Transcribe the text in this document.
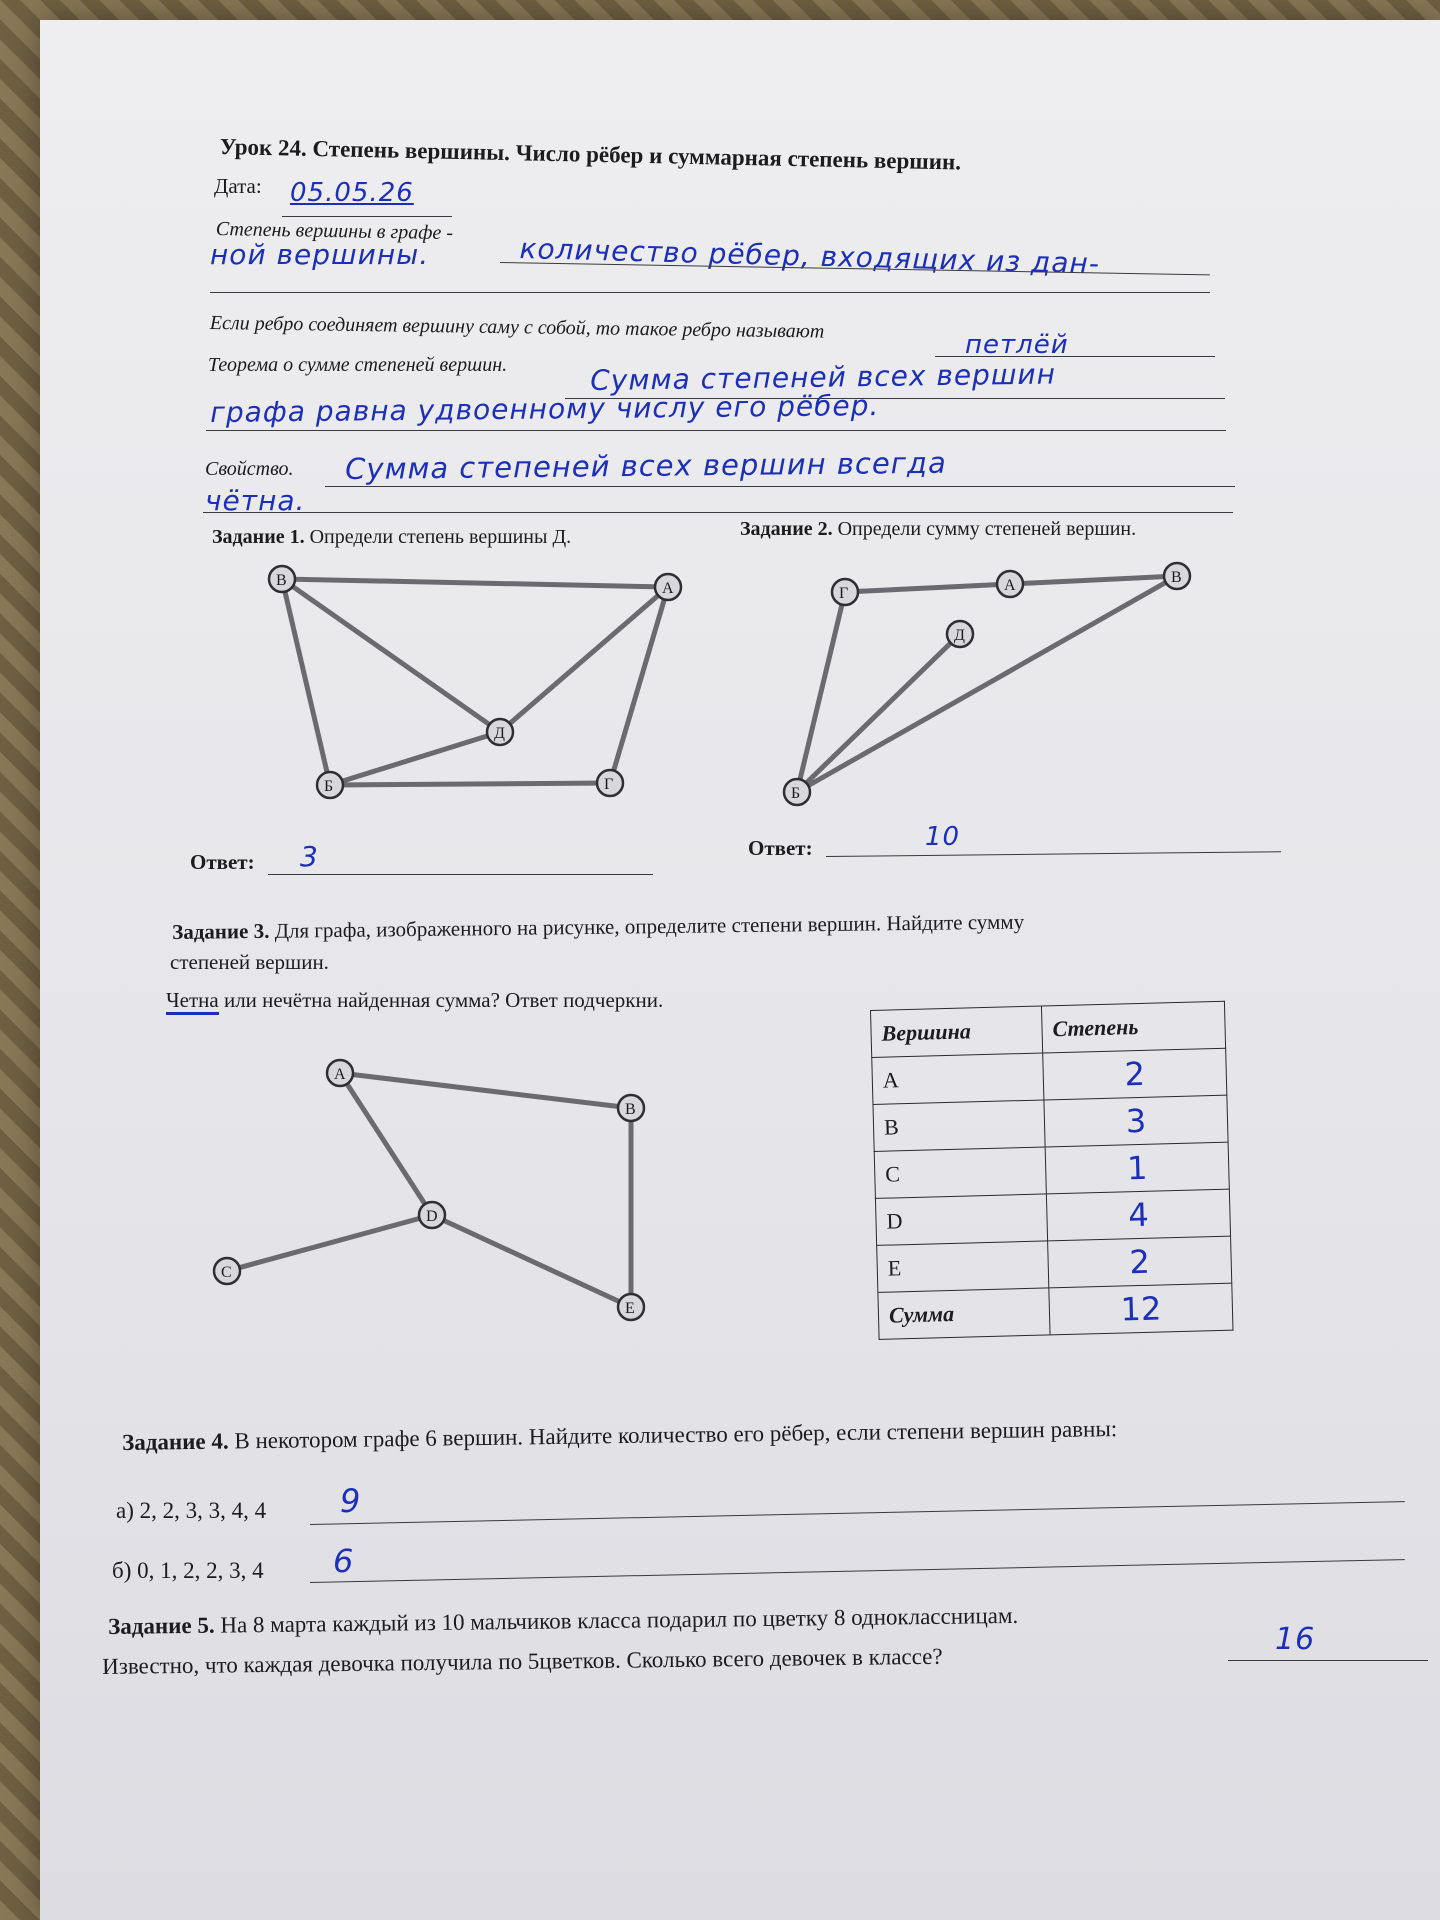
Урок 24. Степень вершины. Число рёбер и суммарная степень вершин.
Дата: 05.05.26
Степень вершины в графе -
количество рёбер, входящих из дан-
ной вершины.
Если ребро соединяет вершину саму с собой, то такое ребро называют
петлёй
Теорема о сумме степеней вершин.	Сумма степеней всех вершин
графа равна удвоенному числу его рёбер.
Свойство. Сумма степеней всех вершин всегда
чётна.
Задание 1. Определи степень вершины Д.
В	А
Д
Б	Г
Ответ: 3
Задание 2. Определи сумму степеней вершин.
Г	А	В
Д
Б
Ответ:	10
Задание 3. Для графа, изображенного на рисунке, определите степени вершин. Найдите сумму
степеней вершин.
Четна или нечётна найденная сумма? Ответ подчеркни.
A
B
D
C
E
Вершина	Степень
A	2
B	3
C	1
D	4
E	2
Сумма	12
Задание 4. В некотором графе 6 вершин. Найдите количество его рёбер, если степени вершин равны:
а) 2, 2, 3, 3, 4, 4 9
б) 0, 1, 2, 2, 3, 4 6
Задание 5. На 8 марта каждый из 10 мальчиков класса подарил по цветку 8 одноклассницам.
Известно, что каждая девочка получила по 5цветков. Сколько всего девочек в классе?
16
